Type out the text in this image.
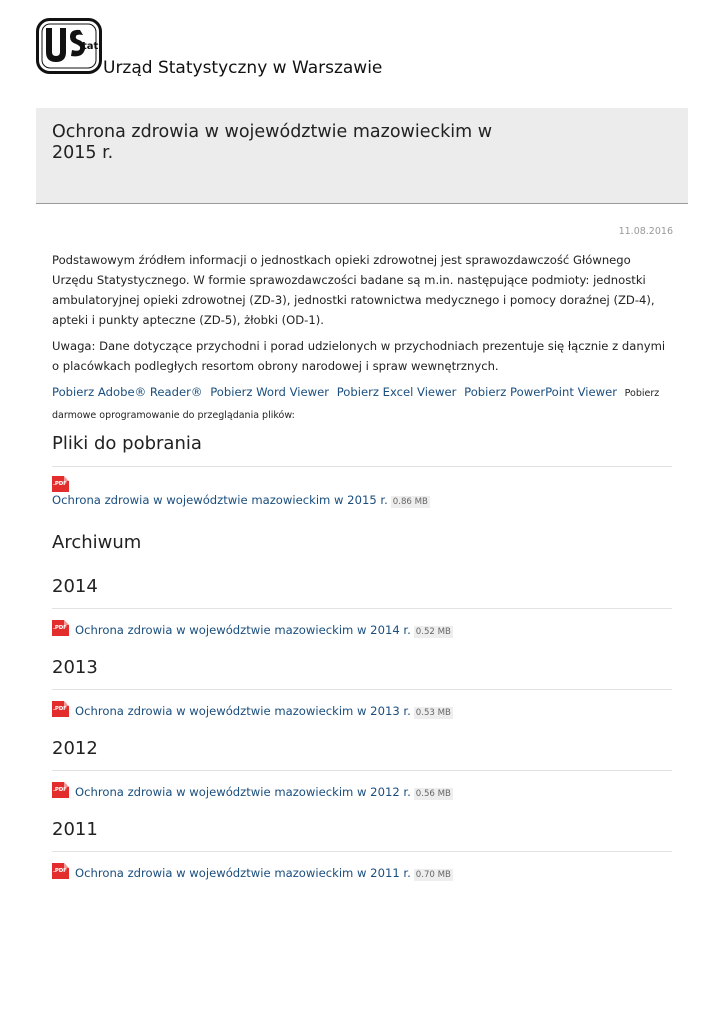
tat
Urząd Statystyczny w Warszawie
Ochrona zdrowia w województwie mazowieckim w 2015 r.
11.08.2016

Podstawowym źródłem informacji o jednostkach opieki zdrowotnej jest sprawozdawczość Głównego Urzędu Statystycznego. W formie sprawozdawczości badane są m.in. następujące podmioty: jednostki ambulatoryjnej opieki zdrowotnej (ZD-3), jednostki ratownictwa medycznego i pomocy doraźnej (ZD-4), apteki i punkty apteczne (ZD-5), żłobki (OD-1).

Uwaga: Dane dotyczące przychodni i porad udzielonych w przychodniach prezentuje się łącznie z danymi o placówkach podległych resortom obrony narodowej i spraw wewnętrznych.

Pobierz Adobe® Reader® Pobierz Word Viewer Pobierz Excel Viewer Pobierz PowerPoint Viewer Pobierz darmowe oprogramowanie do przeglądania plików:

Pliki do pobrania
.PDF

Ochrona zdrowia w województwie mazowieckim w 2015 r. 0.86 MB
Archiwum
2014
.PDF Ochrona zdrowia w województwie mazowieckim w 2014 r. 0.52 MB
2013
.PDF Ochrona zdrowia w województwie mazowieckim w 2013 r. 0.53 MB
2012
.PDF Ochrona zdrowia w województwie mazowieckim w 2012 r. 0.56 MB
2011
.PDF Ochrona zdrowia w województwie mazowieckim w 2011 r. 0.70 MB
